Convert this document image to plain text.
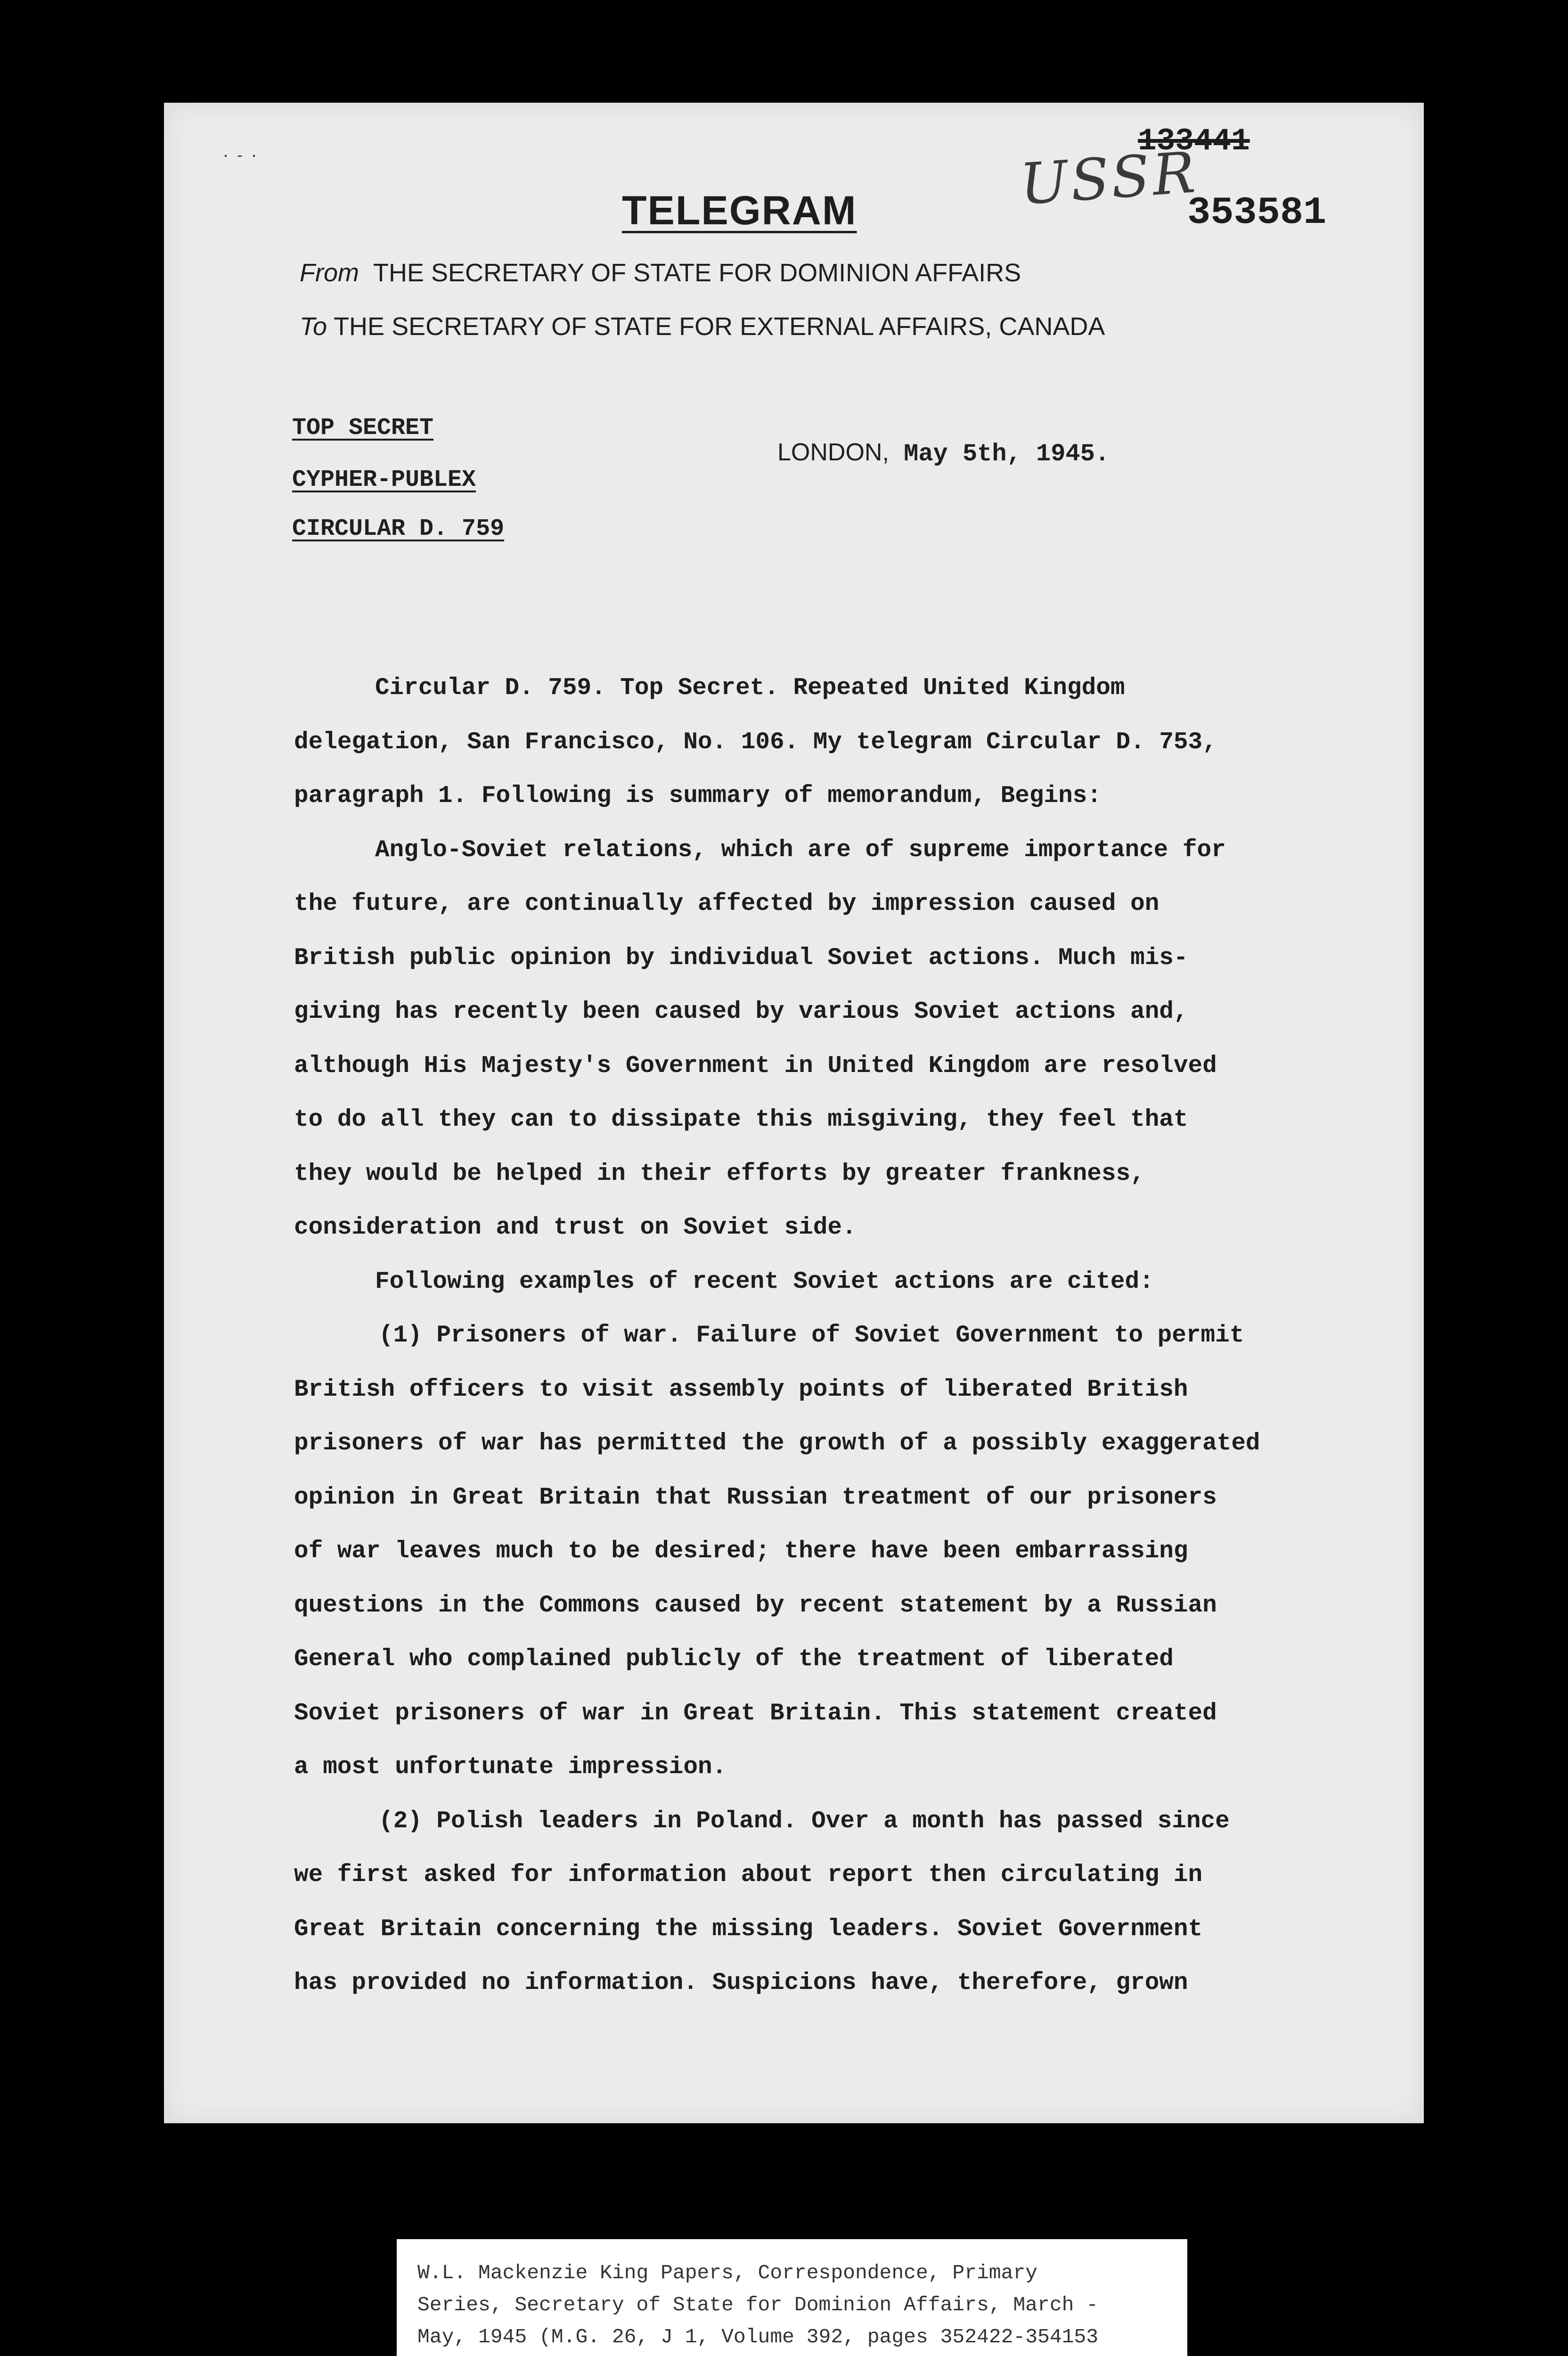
·‐·
TELEGRAM
133441
USSR
353581
From THE SECRETARY OF STATE FOR DOMINION AFFAIRS
To THE SECRETARY OF STATE FOR EXTERNAL AFFAIRS, CANADA
TOP SECRET
CYPHER-PUBLEX
CIRCULAR D. 759
LONDON, May 5th, 1945.
Circular D. 759. Top Secret. Repeated United Kingdom
delegation, San Francisco, No. 106. My telegram Circular D. 753,
paragraph 1. Following is summary of memorandum, Begins:
Anglo-Soviet relations, which are of supreme importance for
the future, are continually affected by impression caused on
British public opinion by individual Soviet actions. Much mis-
giving has recently been caused by various Soviet actions and,
although His Majesty's Government in United Kingdom are resolved
to do all they can to dissipate this misgiving, they feel that
they would be helped in their efforts by greater frankness,
consideration and trust on Soviet side.
Following examples of recent Soviet actions are cited:
(1) Prisoners of war. Failure of Soviet Government to permit
British officers to visit assembly points of liberated British
prisoners of war has permitted the growth of a possibly exaggerated
opinion in Great Britain that Russian treatment of our prisoners
of war leaves much to be desired; there have been embarrassing
questions in the Commons caused by recent statement by a Russian
General who complained publicly of the treatment of liberated
Soviet prisoners of war in Great Britain. This statement created
a most unfortunate impression.
(2) Polish leaders in Poland. Over a month has passed since
we first asked for information about report then circulating in
Great Britain concerning the missing leaders. Soviet Government
has provided no information. Suspicions have, therefore, grown
W.L. Mackenzie King Papers, Correspondence, Primary
Series, Secretary of State for Dominion Affairs, March -
May, 1945 (M.G. 26, J 1, Volume 392, pages 352422-354153
